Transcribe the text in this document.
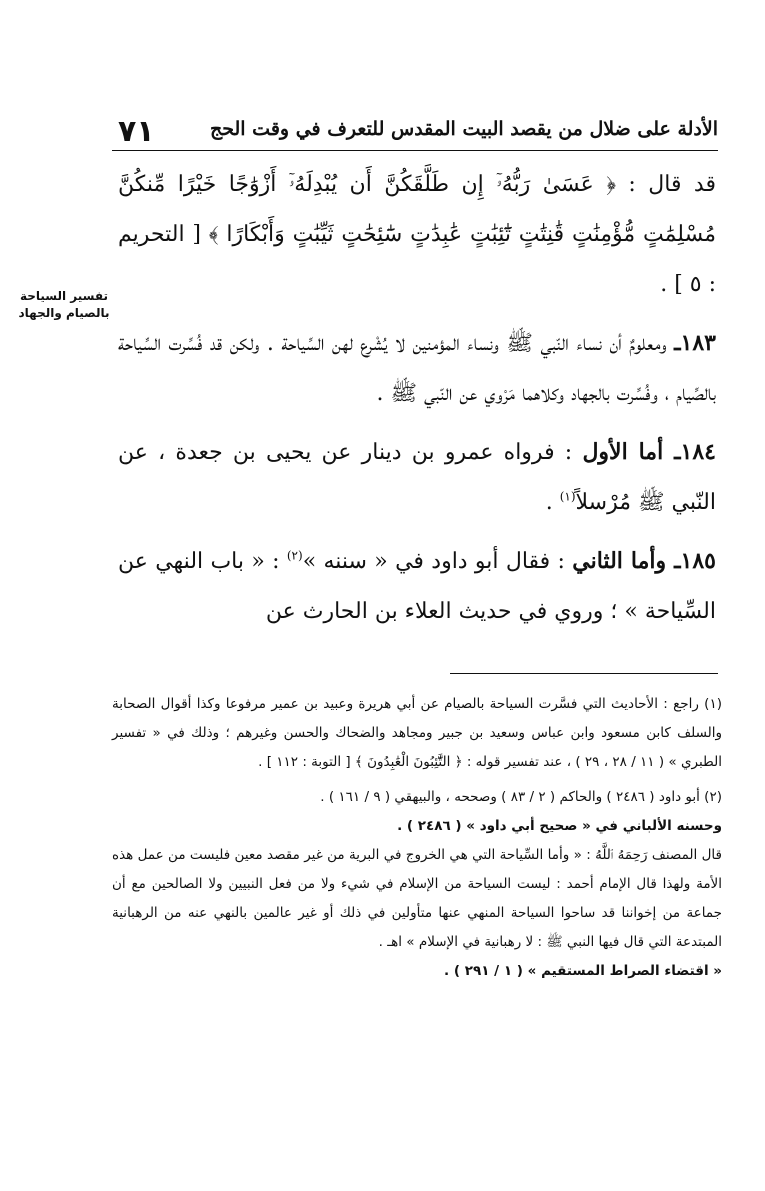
الأدلة على ضلال من يقصد البيت المقدس للتعرف في وقت الحج
٧١
تفسير السياحة
بالصيام والجهاد

قد قال : ﴿ عَسَىٰ رَبُّهُۥٓ إِن طَلَّقَكُنَّ أَن يُبْدِلَهُۥٓ أَزْوَٰجًا خَيْرًا مِّنكُنَّ مُسْلِمَٰتٍ مُّؤْمِنَٰتٍ قَٰنِتَٰتٍ تَٰٓئِبَٰتٍ عَٰبِدَٰتٍ سَٰٓئِحَٰتٍ ثَيِّبَٰتٍ وَأَبْكَارًا ﴾ [ التحريم : ٥ ] .

١٨٣ـ ومعلومٌ أن نساء النّبي ﷺ ونساء المؤمنين لا يُشْرع لهن السِّياحة . ولكن قد فُسِّرت السِّياحة بالصِّيام ، وفُسِّرت بالجهاد وكلاهما مَرْوي عن النّبي ﷺ .

١٨٤ـ أما الأول : فرواه عمرو بن دينار عن يحيى بن جعدة ، عن النّبي ﷺ مُرْسلاً$^{(١)}$ .

١٨٥ـ وأما الثاني : فقال أبو داود في « سننه »$^{(٢)}$ : « باب النهي عن السِّياحة » ؛ وروي في حديث العلاء بن الحارث عن

(١) راجع : الأحاديث التي فسَّرت السياحة بالصيام عن أبي هريرة وعبيد بن عمير مرفوعا وكذا أقوال الصحابة والسلف كابن مسعود وابن عباس وسعيد بن جبير ومجاهد والضحاك والحسن وغيرهم ؛ وذلك في « تفسير الطبري » ( ١١ / ٢٨ ، ٢٩ ) ، عند تفسير قوله : ﴿ التَّٰٓئِبُونَ الْعَٰبِدُونَ ﴾ [ التوبة : ١١٢ ] .

(٢) أبو داود ( ٢٤٨٦ ) والحاكم ( ٢ / ٨٣ ) وصححه ، والبيهقي ( ٩ / ١٦١ ) .

وحسنه الألباني في « صحيح أبي داود » ( ٢٤٨٦ ) .

قال المصنف رَحِمَهُ ٱللَّهُ : « وأما السِّياحة التي هي الخروج في البرية من غير مقصد معين فليست من عمل هذه الأمة ولهذا قال الإمام أحمد : ليست السياحة من الإسلام في شيء ولا من فعل النبيين ولا الصالحين مع أن جماعة من إخواننا قد ساحوا السياحة المنهي عنها متأولين في ذلك أو غير عالمين بالنهي عنه من الرهبانية المبتدعة التي قال فيها النبي ﷺ : لا رهبانية في الإسلام » اهـ .

« اقتضاء الصراط المستقيم » ( ١ / ٢٩١ ) .
